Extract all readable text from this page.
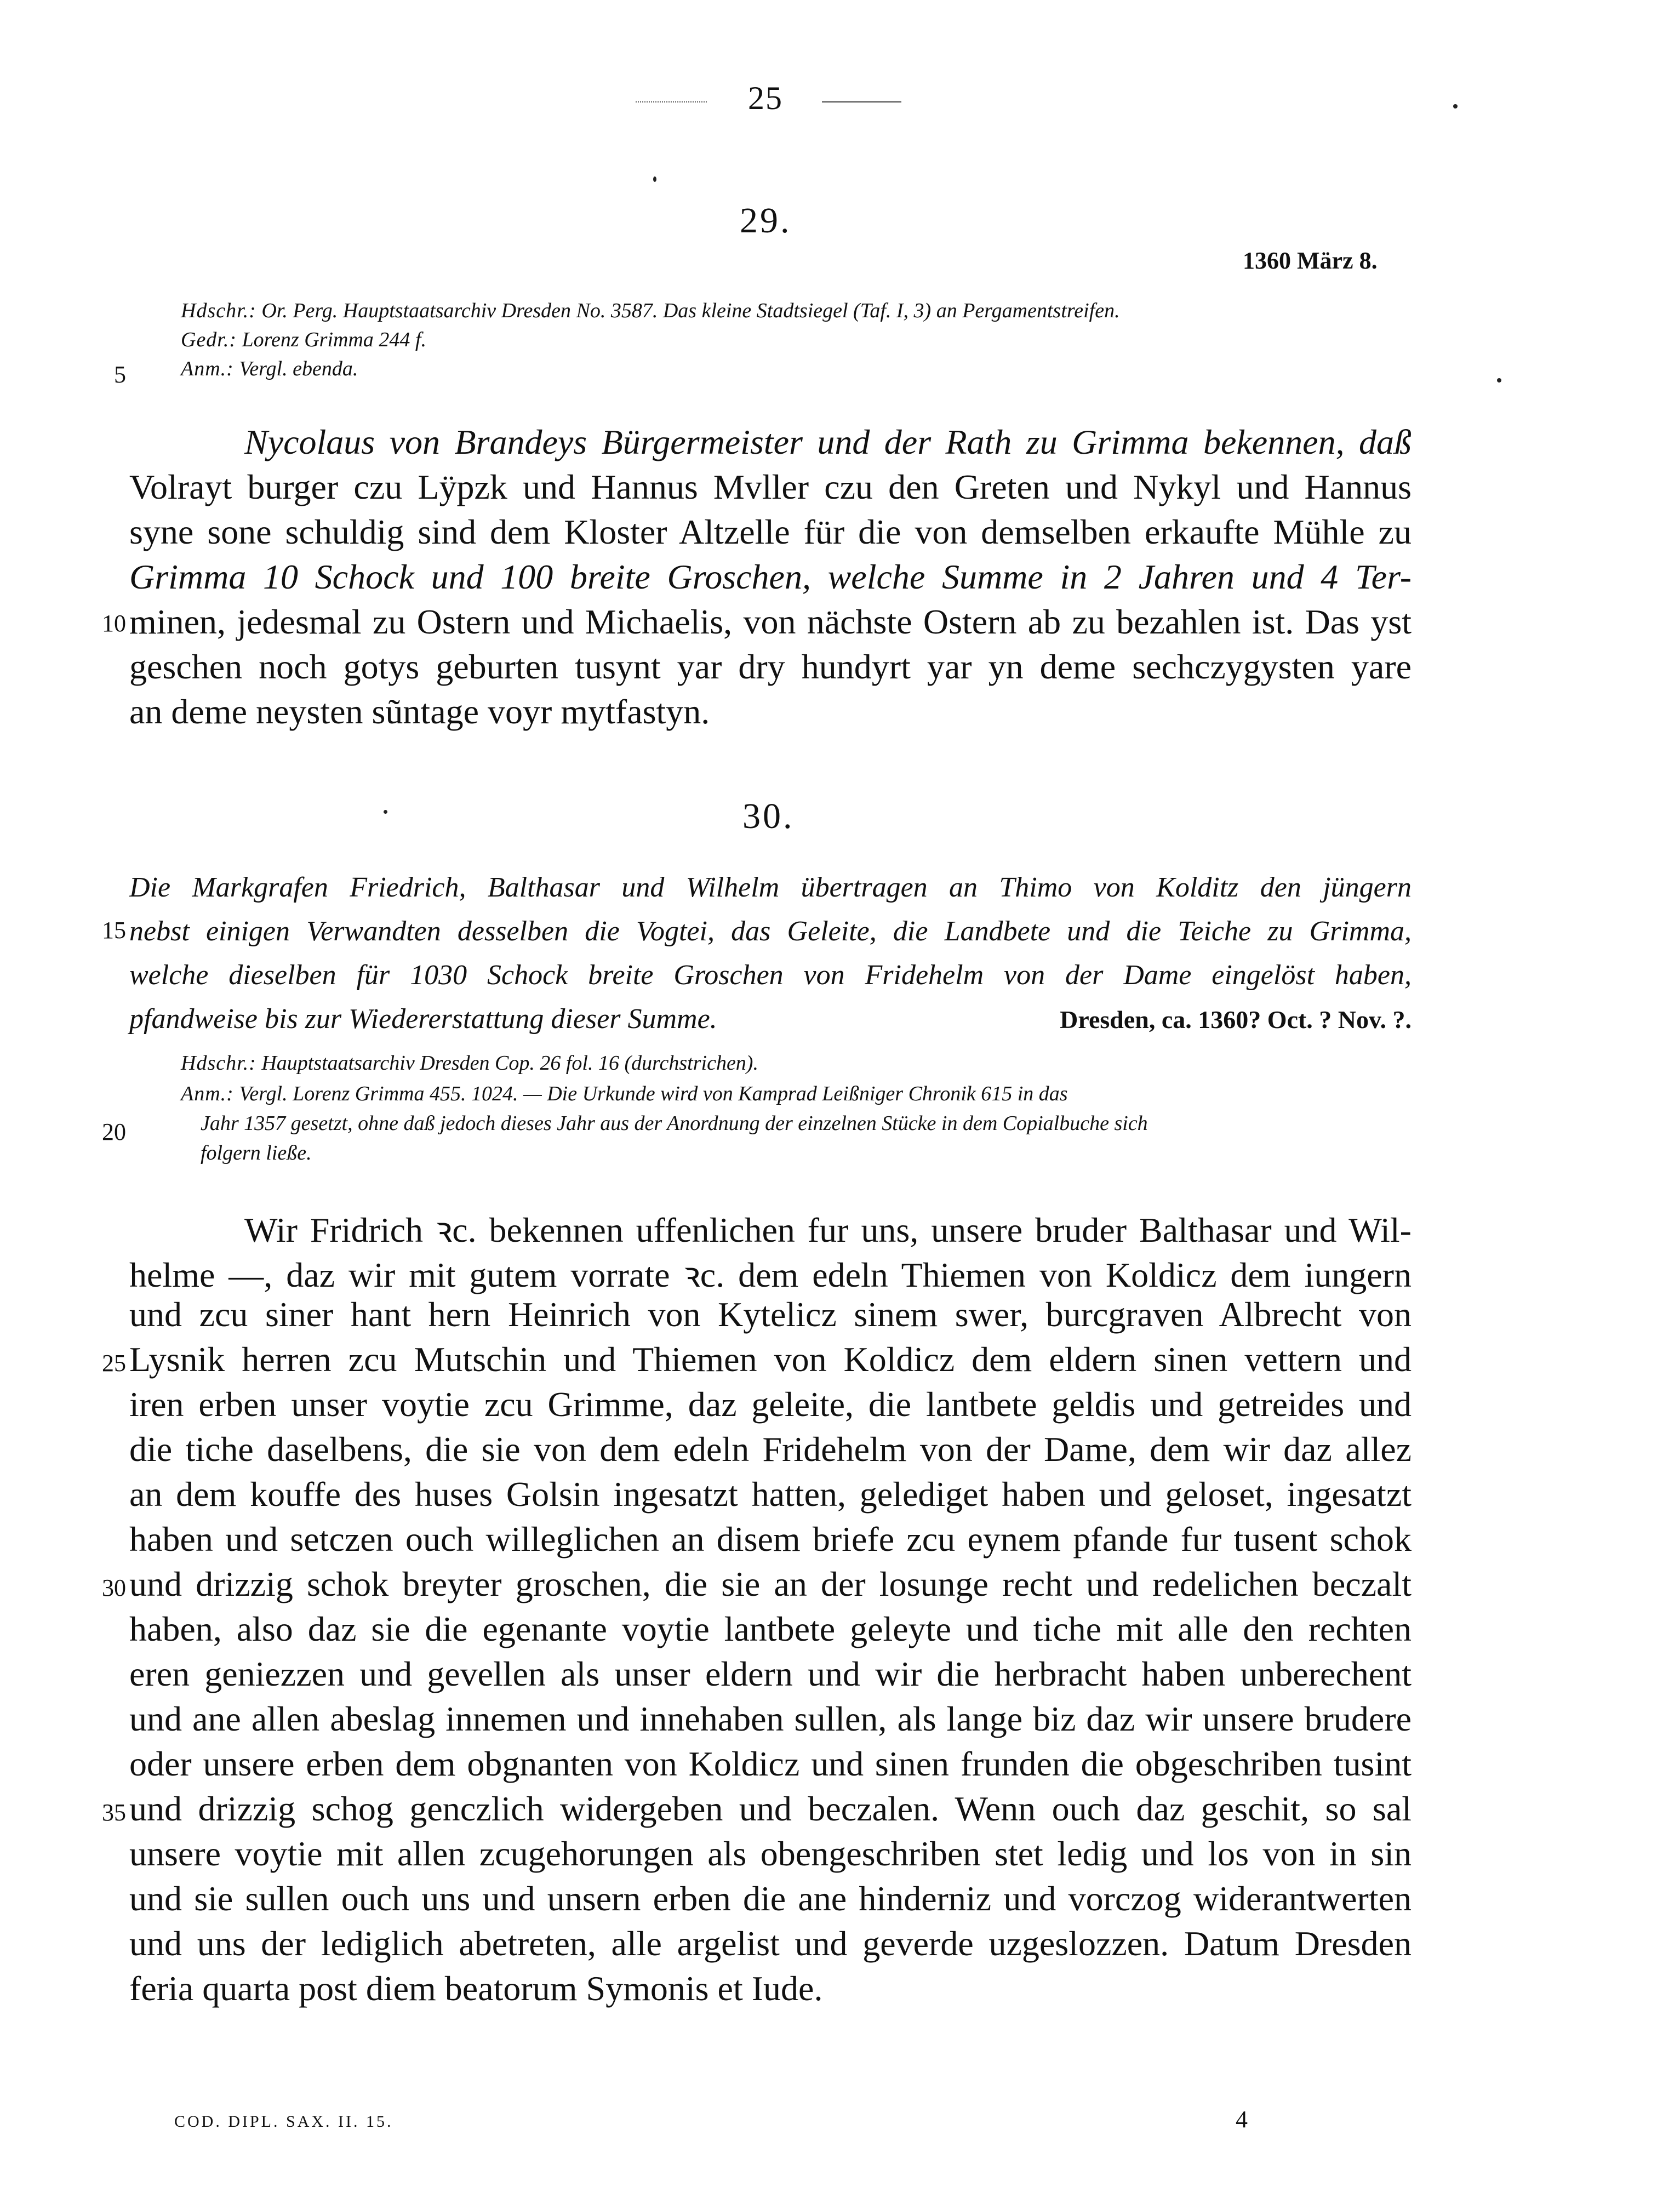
25
29.
1360 März 8.
Hdschr.: Or. Perg. Hauptstaatsarchiv Dresden No. 3587. Das kleine Stadtsiegel (Taf. I, 3) an Pergamentstreifen.
Gedr.: Lorenz Grimma 244 f.
Anm.: Vergl. ebenda.
Nycolaus von Brandeys Bürgermeister und der Rath zu Grimma bekennen, daß
Volrayt burger czu Lÿpzk und Hannus Mvller czu den Greten und Nykyl und Hannus
syne sone schuldig sind dem Kloster Altzelle für die von demselben erkaufte Mühle zu
Grimma 10 Schock und 100 breite Groschen, welche Summe in 2 Jahren und 4 Ter-
minen, jedesmal zu Ostern und Michaelis, von nächste Ostern ab zu bezahlen ist. Das yst
geschen noch gotys geburten tusynt yar dry hundyrt yar yn deme sechczygysten yare
an deme neysten sũntage voyr mytfastyn.
30.
Die Markgrafen Friedrich, Balthasar und Wilhelm übertragen an Thimo von Kolditz den jüngern
nebst einigen Verwandten desselben die Vogtei, das Geleite, die Landbete und die Teiche zu Grimma,
welche dieselben für 1030 Schock breite Groschen von Fridehelm von der Dame eingelöst haben,
pfandweise bis zur Wiedererstattung dieser Summe.	Dresden, ca. 1360? Oct. ? Nov. ?.
Hdschr.: Hauptstaatsarchiv Dresden Cop. 26 fol. 16 (durchstrichen).
Anm.: Vergl. Lorenz Grimma 455. 1024. — Die Urkunde wird von Kamprad Leißniger Chronik 615 in das
Jahr 1357 gesetzt, ohne daß jedoch dieses Jahr aus der Anordnung der einzelnen Stücke in dem Copialbuche sich
folgern ließe.
Wir Fridrich ꝛc. bekennen uffenlichen fur uns, unsere bruder Balthasar und Wil-
helme —, daz wir mit gutem vorrate ꝛc. dem edeln Thiemen von Koldicz dem iungern
und zcu siner hant hern Heinrich von Kytelicz sinem swer, burcgraven Albrecht von
Lysnik herren zcu Mutschin und Thiemen von Koldicz dem eldern sinen vettern und
iren erben unser voytie zcu Grimme, daz geleite, die lantbete geldis und getreides und
die tiche daselbens, die sie von dem edeln Fridehelm von der Dame, dem wir daz allez
an dem kouffe des huses Golsin ingesatzt hatten, gelediget haben und geloset, ingesatzt
haben und setczen ouch willeglichen an disem briefe zcu eynem pfande fur tusent schok
und drizzig schok breyter groschen, die sie an der losunge recht und redelichen beczalt
haben, also daz sie die egenante voytie lantbete geleyte und tiche mit alle den rechten
eren geniezzen und gevellen als unser eldern und wir die herbracht haben unberechent
und ane allen abeslag innemen und innehaben sullen, als lange biz daz wir unsere brudere
oder unsere erben dem obgnanten von Koldicz und sinen frunden die obgeschriben tusint
und drizzig schog genczlich widergeben und beczalen. Wenn ouch daz geschit, so sal
unsere voytie mit allen zcugehorungen als obengeschriben stet ledig und los von in sin
und sie sullen ouch uns und unsern erben die ane hinderniz und vorczog widerantwerten
und uns der lediglich abetreten, alle argelist und geverde uzgeslozzen. Datum Dresden
feria quarta post diem beatorum Symonis et Iude.
5
10
15
20
25
30
35
COD. DIPL. SAX. II. 15.	4
